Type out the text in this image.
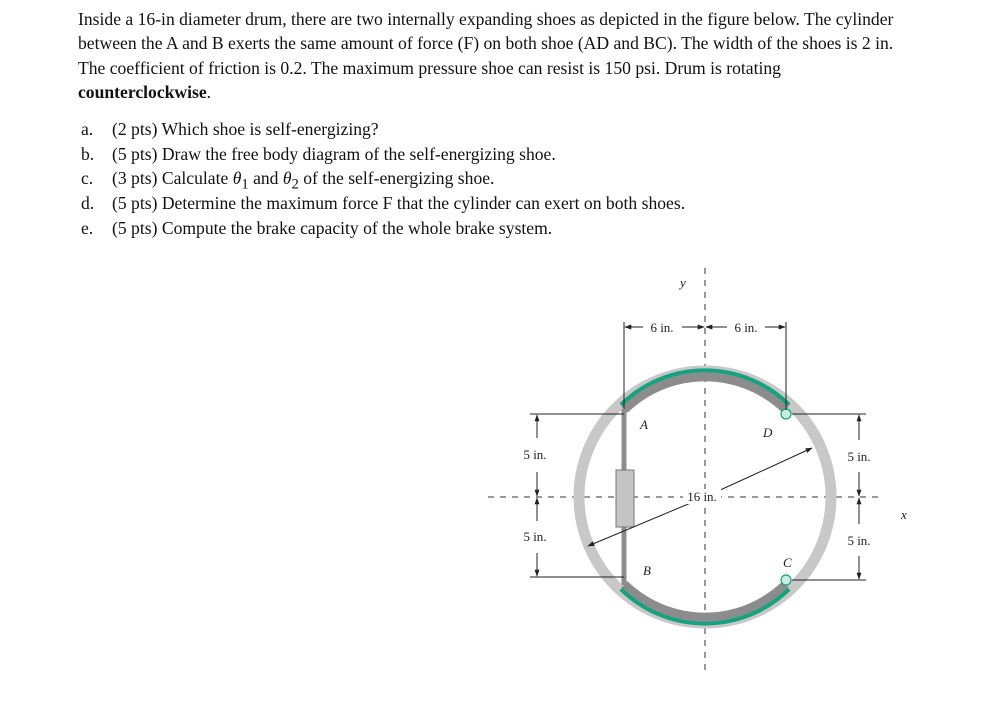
Inside a 16-in diameter drum, there are two internally expanding shoes as depicted in the figure below. The cylinder between the A and B exerts the same amount of force (F) on both shoe (AD and BC). The width of the shoes is 2 in. The coefficient of friction is 0.2. The maximum pressure shoe can resist is 150 psi. Drum is rotating counterclockwise.

a. (2 pts) Which shoe is self-energizing?
b. (5 pts) Draw the free body diagram of the self-energizing shoe.
c. (3 pts) Calculate $\theta_1$ and $\theta_2$ of the self-energizing shoe.
d. (5 pts) Determine the maximum force F that the cylinder can exert on both shoes.
e. (5 pts) Compute the brake capacity of the whole brake system.
y
x
6 in.	6 in.
5 in.
5 in.
5 in.
5 in.
16 in.
A
B
C
D
